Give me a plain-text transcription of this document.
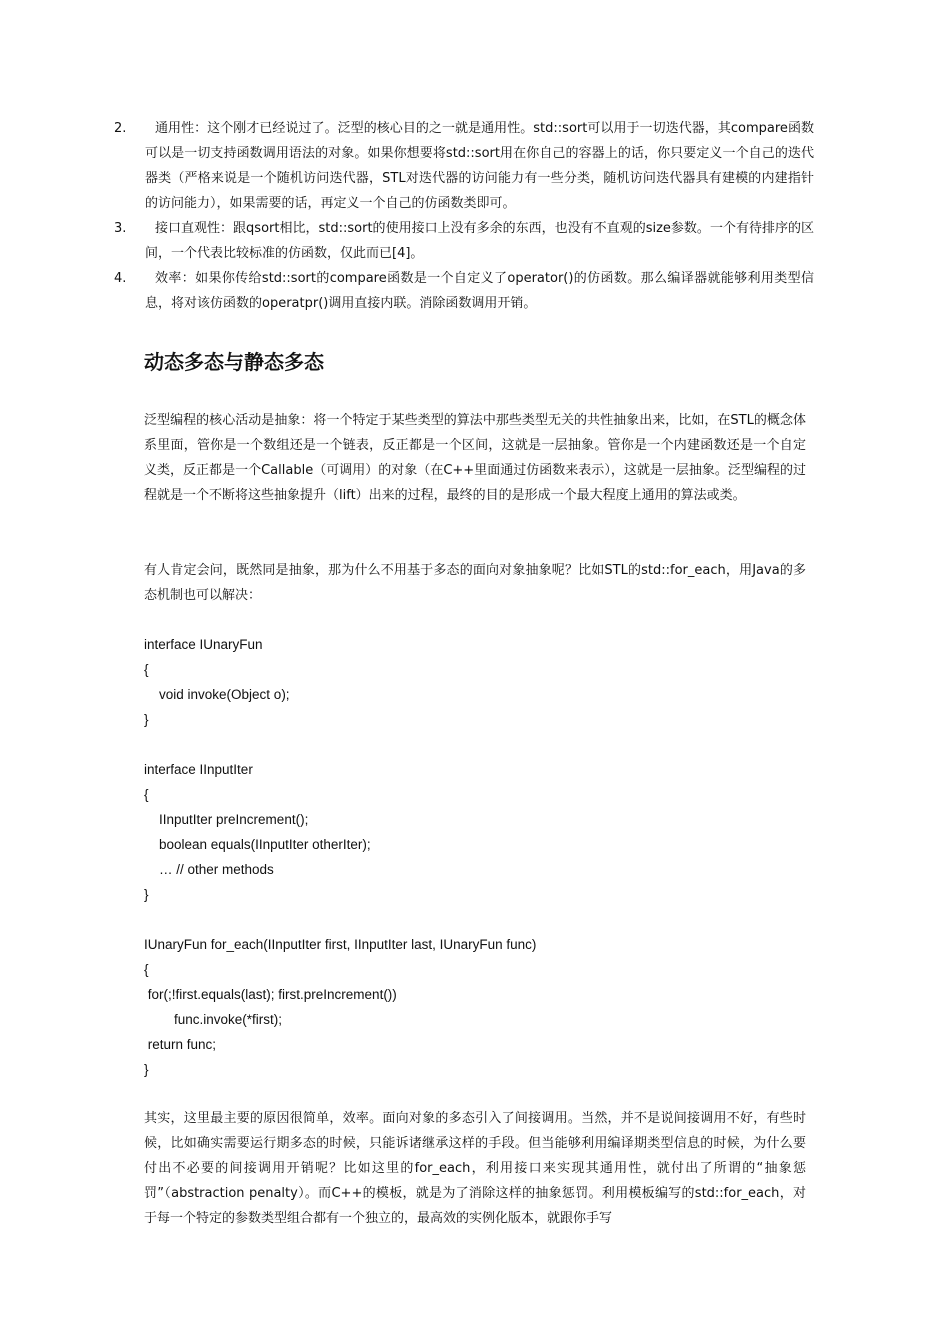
2.	通用性：这个刚才已经说过了。泛型的核心目的之一就是通用性。std::sort可以用于一切迭代器，其compare函数可以是一切支持函数调用语法的对象。如果你想要将std::sort用在你自己的容器上的话，你只要定义一个自己的迭代器类（严格来说是一个随机访问迭代器，STL对迭代器的访问能力有一些分类，随机访问迭代器具有建模的内建指针的访问能力），如果需要的话，再定义一个自己的仿函数类即可。
3.	接口直观性：跟qsort相比，std::sort的使用接口上没有多余的东西，也没有不直观的size参数。一个有待排序的区间，一个代表比较标准的仿函数，仅此而已[4]。
4.	效率：如果你传给std::sort的compare函数是一个自定义了operator()的仿函数。那么编译器就能够利用类型信息，将对该仿函数的operatpr()调用直接内联。消除函数调用开销。
动态多态与静态多态

泛型编程的核心活动是抽象：将一个特定于某些类型的算法中那些类型无关的共性抽象出来，比如，在STL的概念体系里面，管你是一个数组还是一个链表，反正都是一个区间，这就是一层抽象。管你是一个内建函数还是一个自定义类，反正都是一个Callable（可调用）的对象（在C++里面通过仿函数来表示），这就是一层抽象。泛型编程的过程就是一个不断将这些抽象提升（lift）出来的过程，最终的目的是形成一个最大程度上通用的算法或类。

有人肯定会问，既然同是抽象，那为什么不用基于多态的面向对象抽象呢？比如STL的std::for_each，用Java的多态机制也可以解决：

interface IUnaryFun
{
void invoke(Object o);
}
interface IInputIter
{
IInputIter preIncrement();
boolean equals(IInputIter otherIter);
… // other methods
}
IUnaryFun for_each(IInputIter first, IInputIter last, IUnaryFun func)
{
for(;!first.equals(last); first.preIncrement())
func.invoke(*first);
return func;
}

其实，这里最主要的原因很简单，效率。面向对象的多态引入了间接调用。当然，并不是说间接调用不好，有些时候，比如确实需要运行期多态的时候，只能诉诸继承这样的手段。但当能够利用编译期类型信息的时候，为什么要付出不必要的间接调用开销呢？比如这里的for_each，利用接口来实现其通用性，就付出了所谓的“抽象惩罚”（abstraction penalty）。而C++的模板，就是为了消除这样的抽象惩罚。利用模板编写的std::for_each，对于每一个特定的参数类型组合都有一个独立的，最高效的实例化版本，就跟你手写
